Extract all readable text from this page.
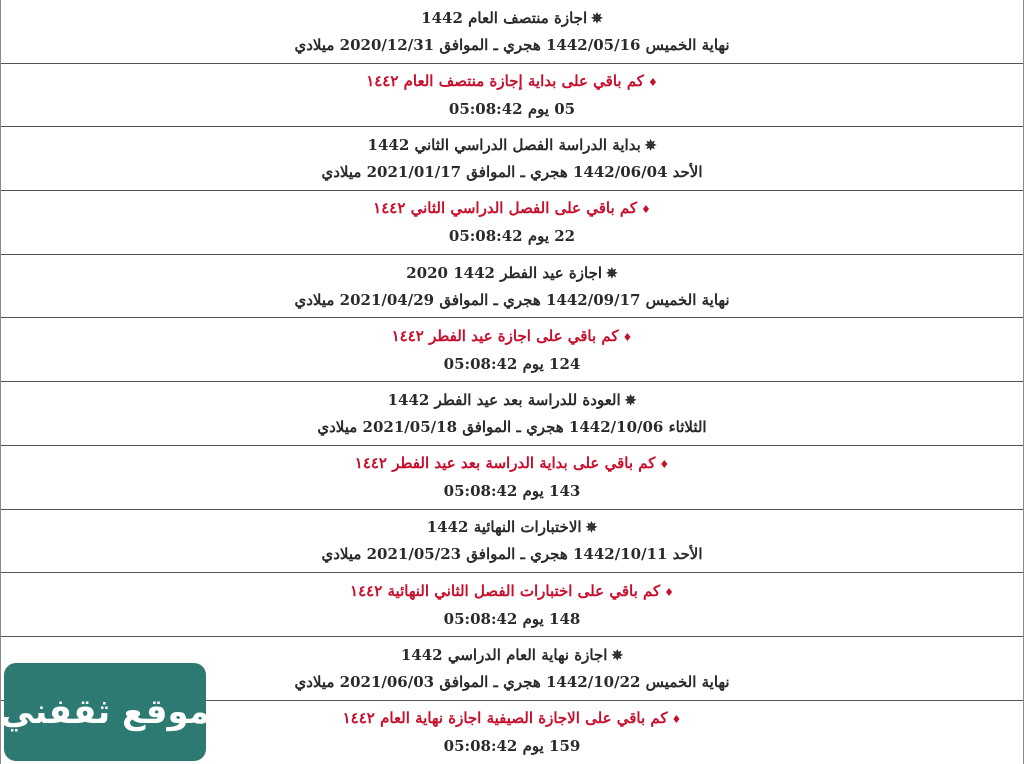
✵اجازة منتصف العام 1442
نهاية الخميس 1442/05/16 هجري ـ الموافق 2020/12/31 ميلادي
♦كم باقي على بداية إجازة منتصف العام ١٤٤٢
05 يوم 05:08:42
✵بداية الدراسة الفصل الدراسي الثاني 1442
الأحد 1442/06/04 هجري ـ الموافق 2021/01/17 ميلادي
♦كم باقي على الفصل الدراسي الثاني ١٤٤٢
22 يوم 05:08:42
✵اجازة عيد الفطر 1442 2020
نهاية الخميس 1442/09/17 هجري ـ الموافق 2021/04/29 ميلادي
♦كم باقي على اجازة عيد الفطر ١٤٤٢
124 يوم 05:08:42
✵العودة للدراسة بعد عيد الفطر 1442
الثلاثاء 1442/10/06 هجري ـ الموافق 2021/05/18 ميلادي
♦كم باقي على بداية الدراسة بعد عيد الفطر ١٤٤٢
143 يوم 05:08:42
✵الاختبارات النهائية 1442
الأحد 1442/10/11 هجري ـ الموافق 2021/05/23 ميلادي
♦كم باقي على اختبارات الفصل الثاني النهائية ١٤٤٢
148 يوم 05:08:42
✵اجازة نهاية العام الدراسي 1442
نهاية الخميس 1442/10/22 هجري ـ الموافق 2021/06/03 ميلادي
♦كم باقي على الاجازة الصيفية اجازة نهاية العام ١٤٤٢
159 يوم 05:08:42
موقع ثقفني
